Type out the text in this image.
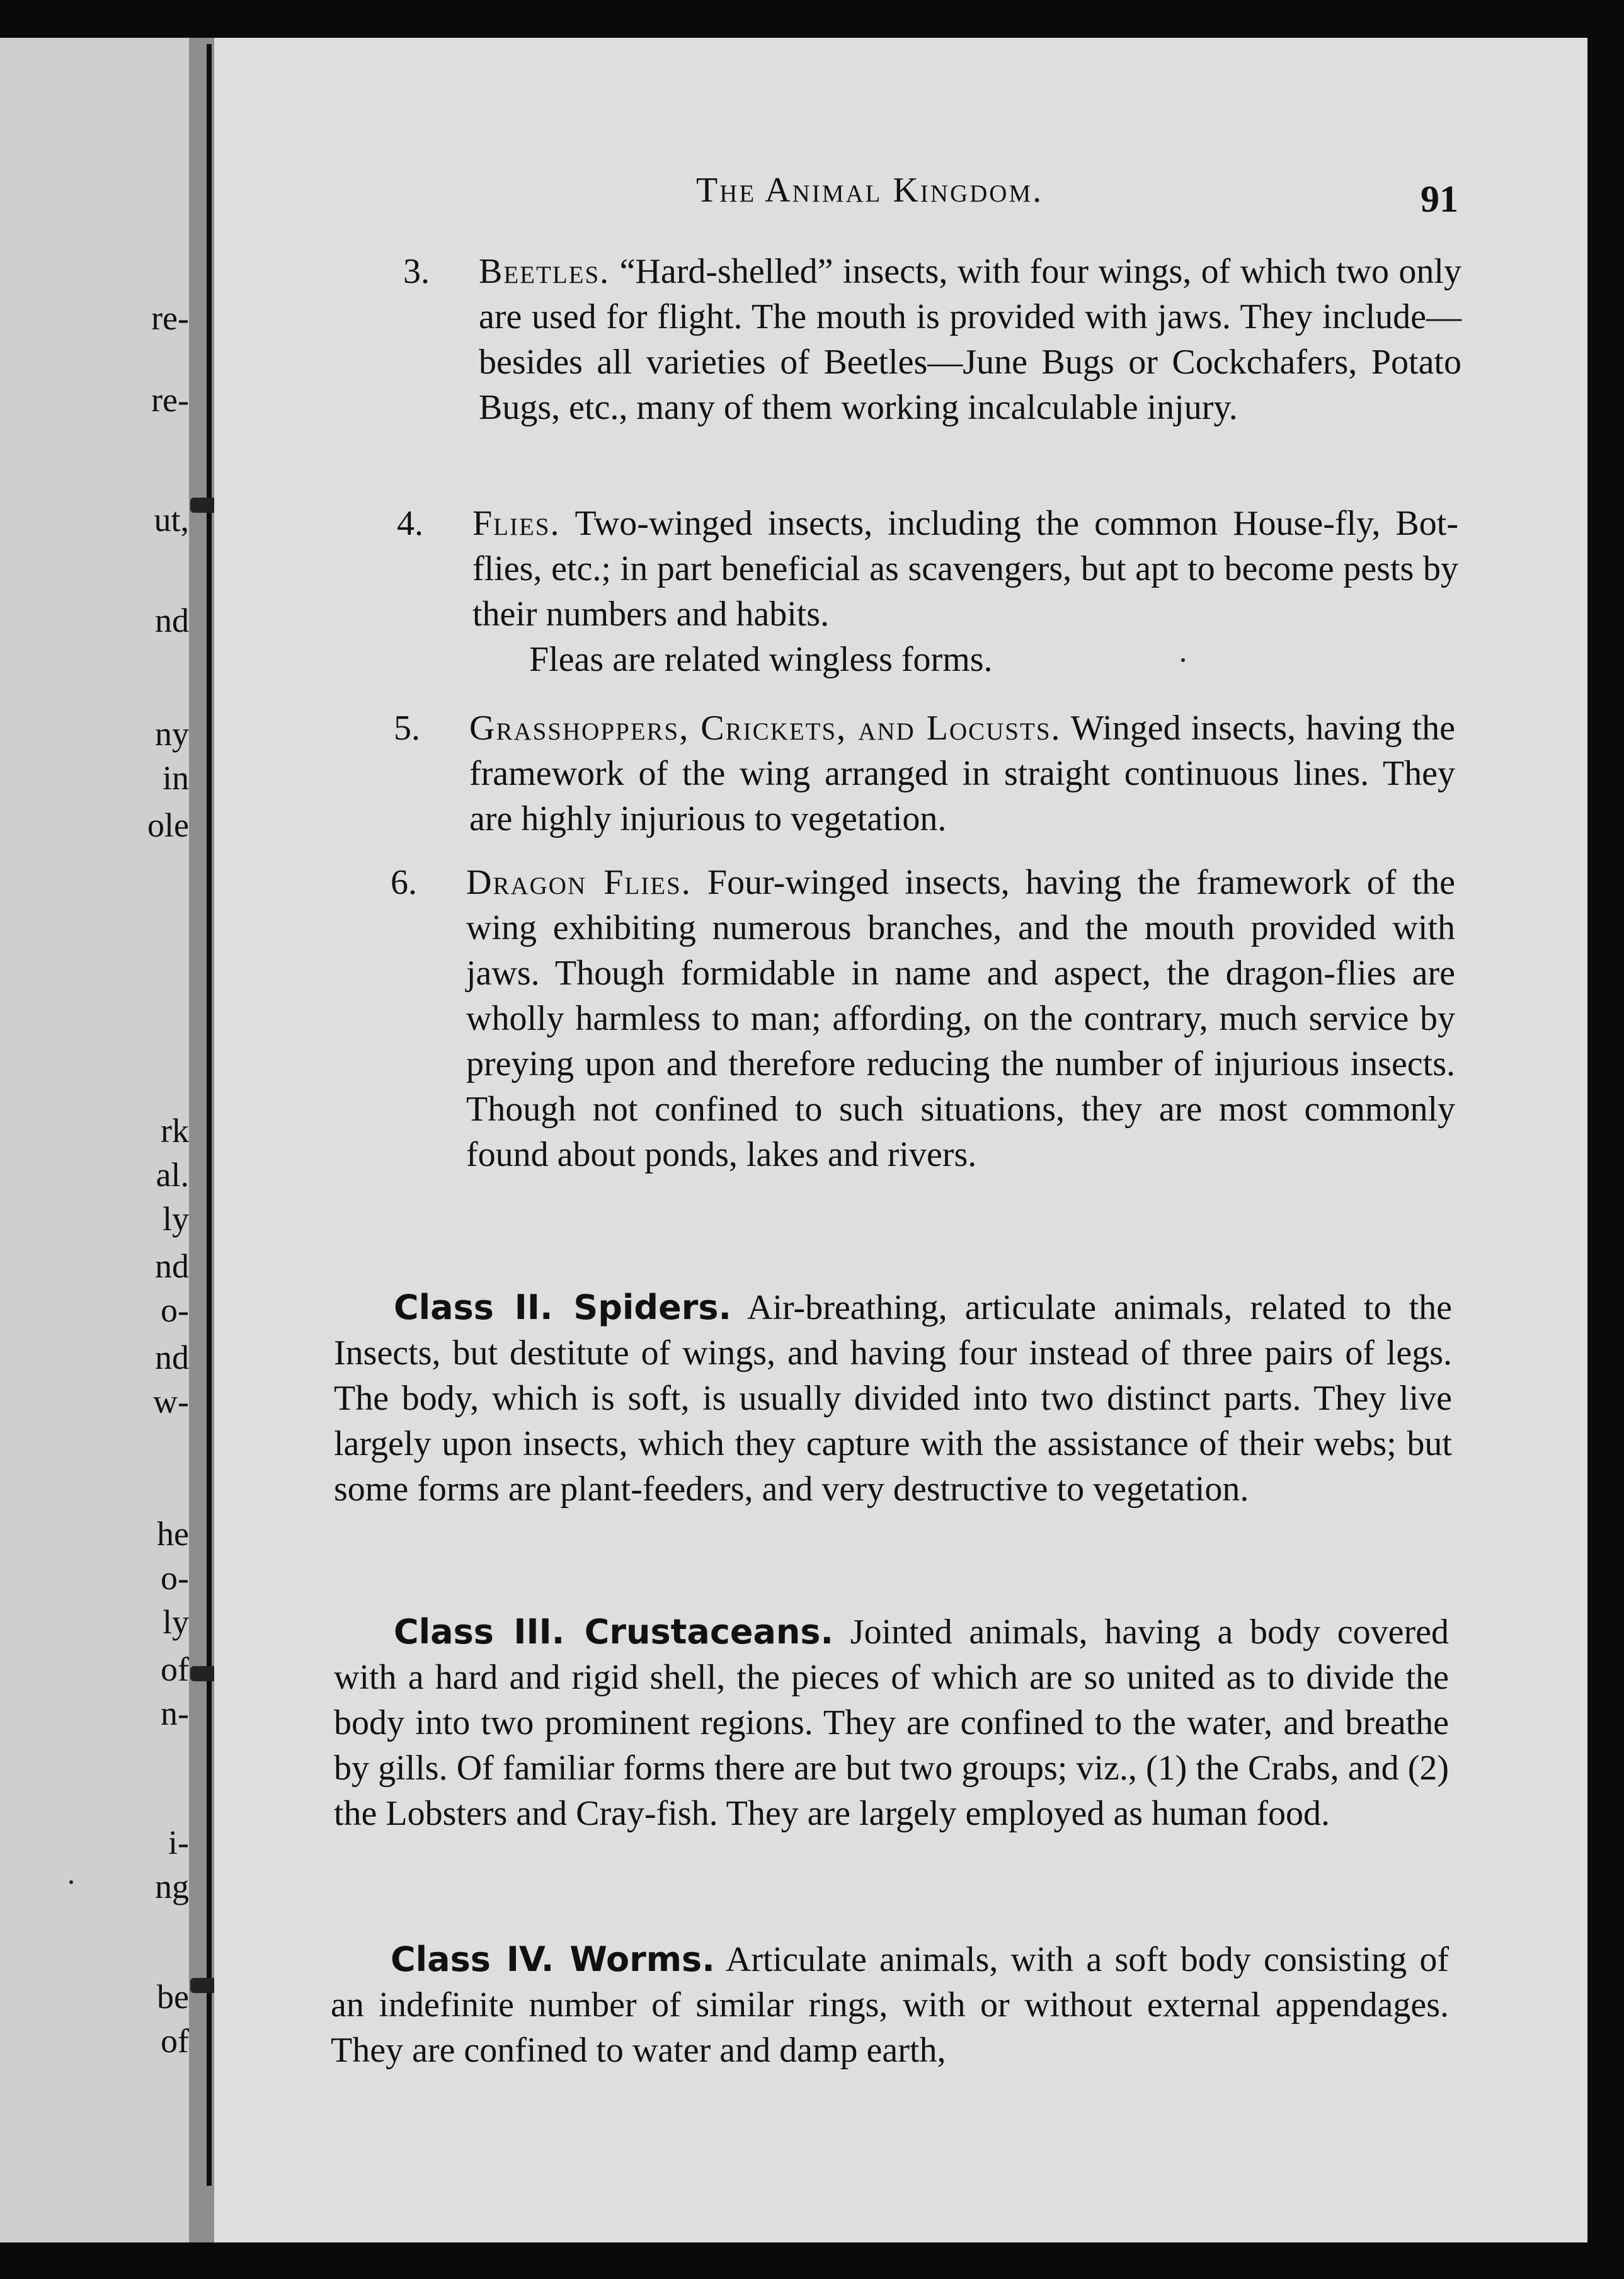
re-
re-
ut,
nd
ny
in
ole
rk
al.
ly
nd
o-
nd
w-
he
o-
ly
of
n-
i-
ng
be
of
The Animal Kingdom.	91
3. Beetles. “Hard-shelled” insects, with four wings, of which two only are used for flight. The mouth is provided with jaws. They include—besides all varieties of Beetles—June Bugs or Cockchafers, Potato Bugs, etc., many of them working incalculable injury.

4. Flies. Two-winged insects, including the common House-fly, Bot-flies, etc.; in part beneficial as scavengers, but apt to become pests by their numbers and habits.

Fleas are related wingless forms.

5. Grasshoppers, Crickets, and Locusts. Winged insects, having the framework of the wing arranged in straight continuous lines. They are highly injurious to vegetation.

6. Dragon Flies. Four-winged insects, having the framework of the wing exhibiting numerous branches, and the mouth provided with jaws. Though formidable in name and aspect, the dragon-flies are wholly harmless to man; affording, on the contrary, much service by preying upon and therefore reducing the number of injurious insects. Though not confined to such situations, they are most commonly found about ponds, lakes and rivers.

Class II. Spiders. Air-breathing, articulate animals, related to the Insects, but destitute of wings, and having four instead of three pairs of legs. The body, which is soft, is usually divided into two distinct parts. They live largely upon insects, which they capture with the assistance of their webs; but some forms are plant-feeders, and very destructive to vegetation.

Class III. Crustaceans. Jointed animals, having a body covered with a hard and rigid shell, the pieces of which are so united as to divide the body into two prominent regions. They are confined to the water, and breathe by gills. Of familiar forms there are but two groups; viz., (1) the Crabs, and (2) the Lobsters and Cray-fish. They are largely employed as human food.

Class IV. Worms. Articulate animals, with a soft body consisting of an indefinite number of similar rings, with or without external appendages. They are confined to water and damp earth,
